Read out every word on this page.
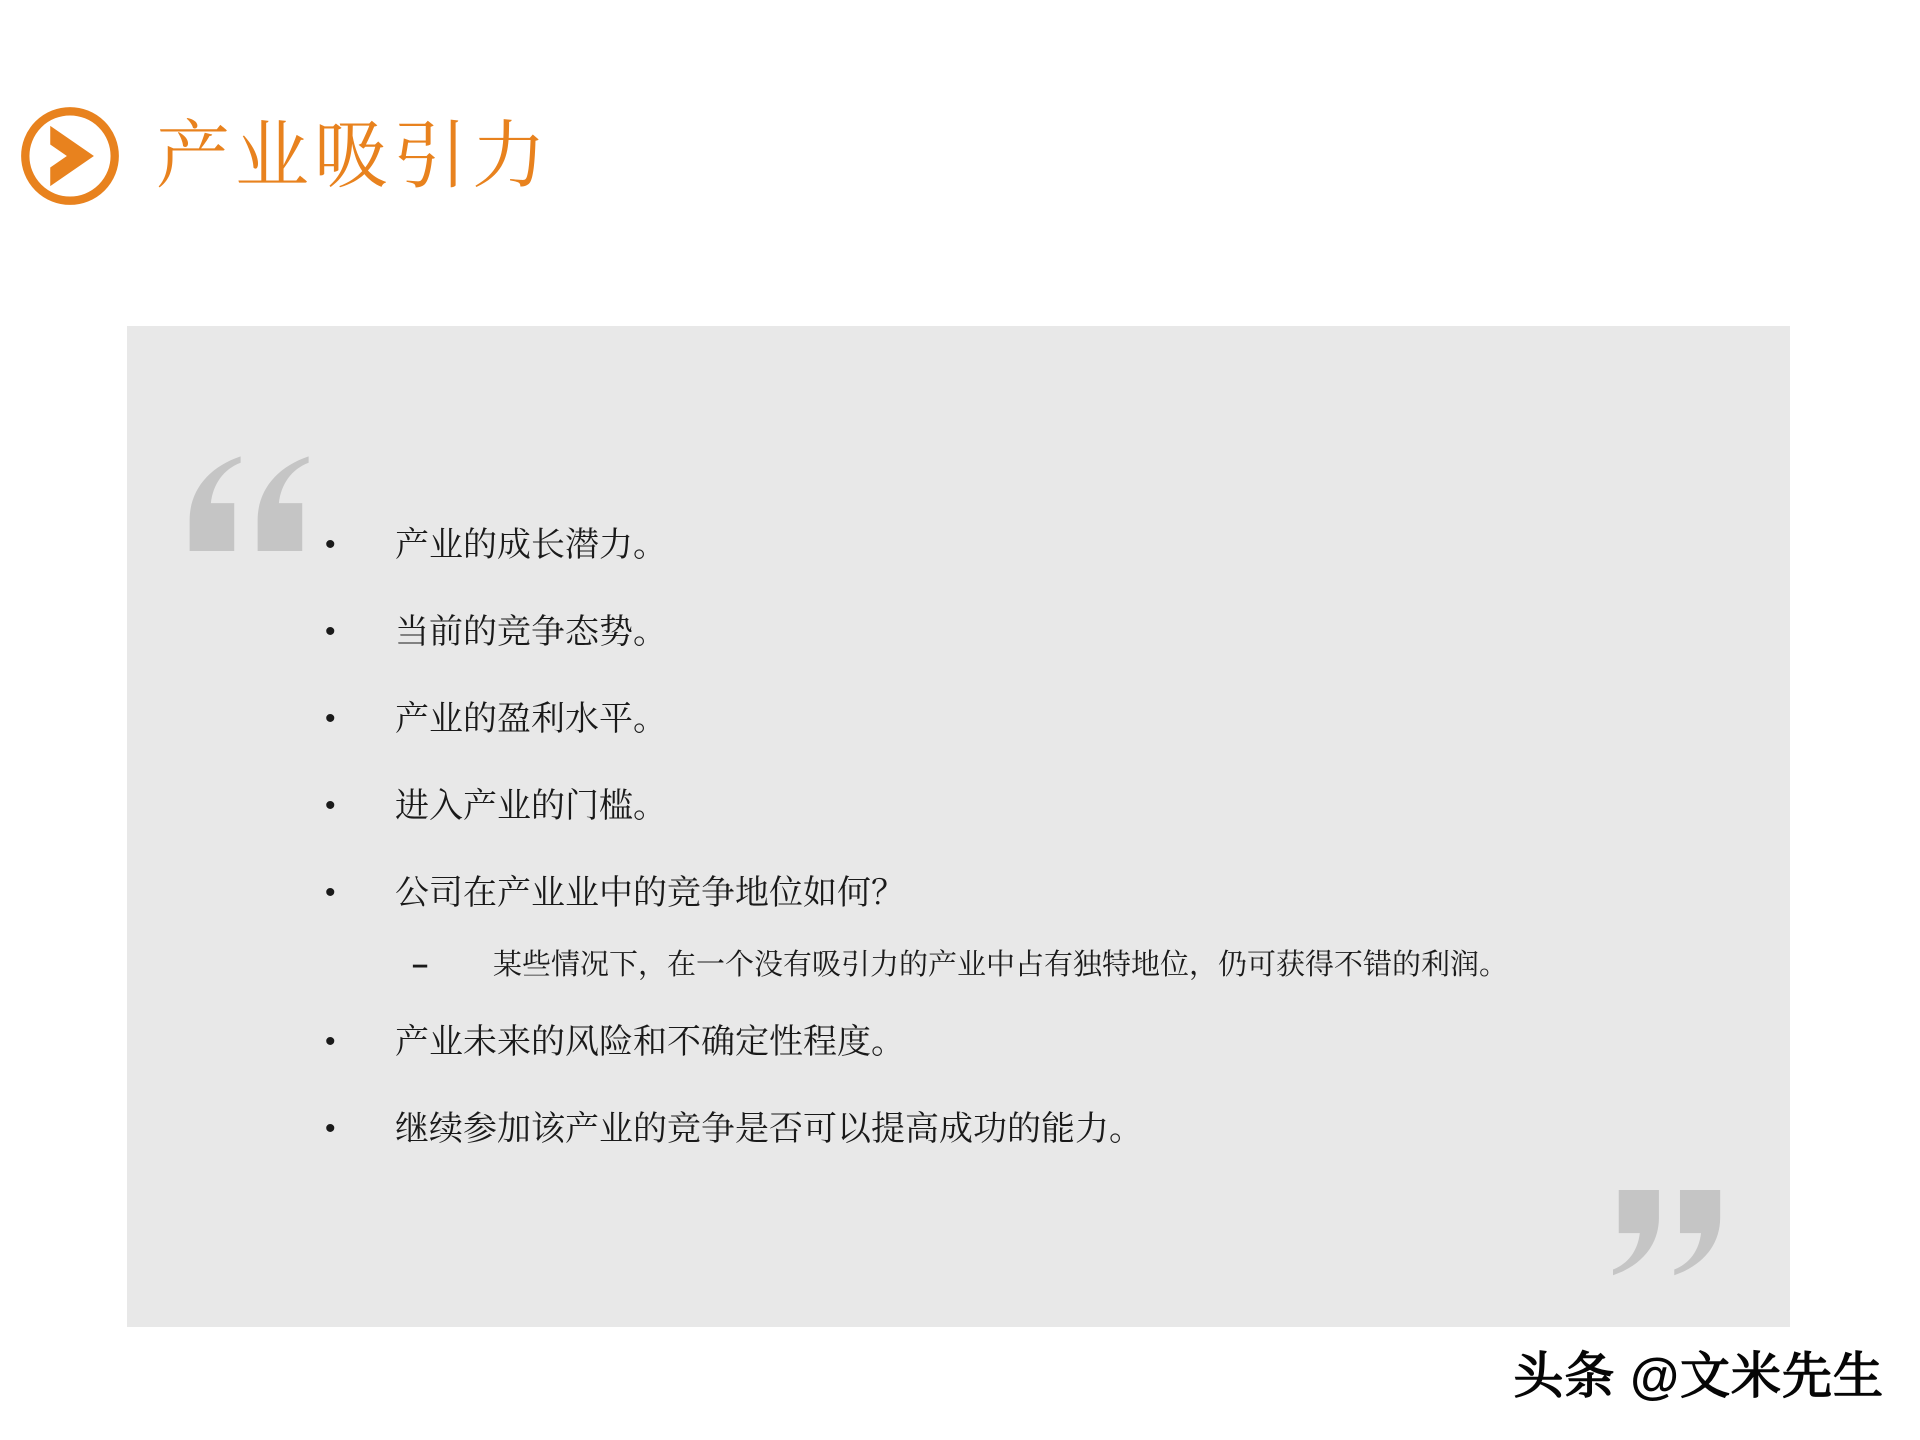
产业吸引力
•	产业的成长潜力。
•	当前的竞争态势。
•	产业的盈利水平。
•	进入产业的门槛。
•	公司在产业业中的竞争地位如何？
–	某些情况下，在一个没有吸引力的产业中占有独特地位，仍可获得不错的利润。
•	产业未来的风险和不确定性程度。
•	继续参加该产业的竞争是否可以提高成功的能力。
头条 @文米先生
